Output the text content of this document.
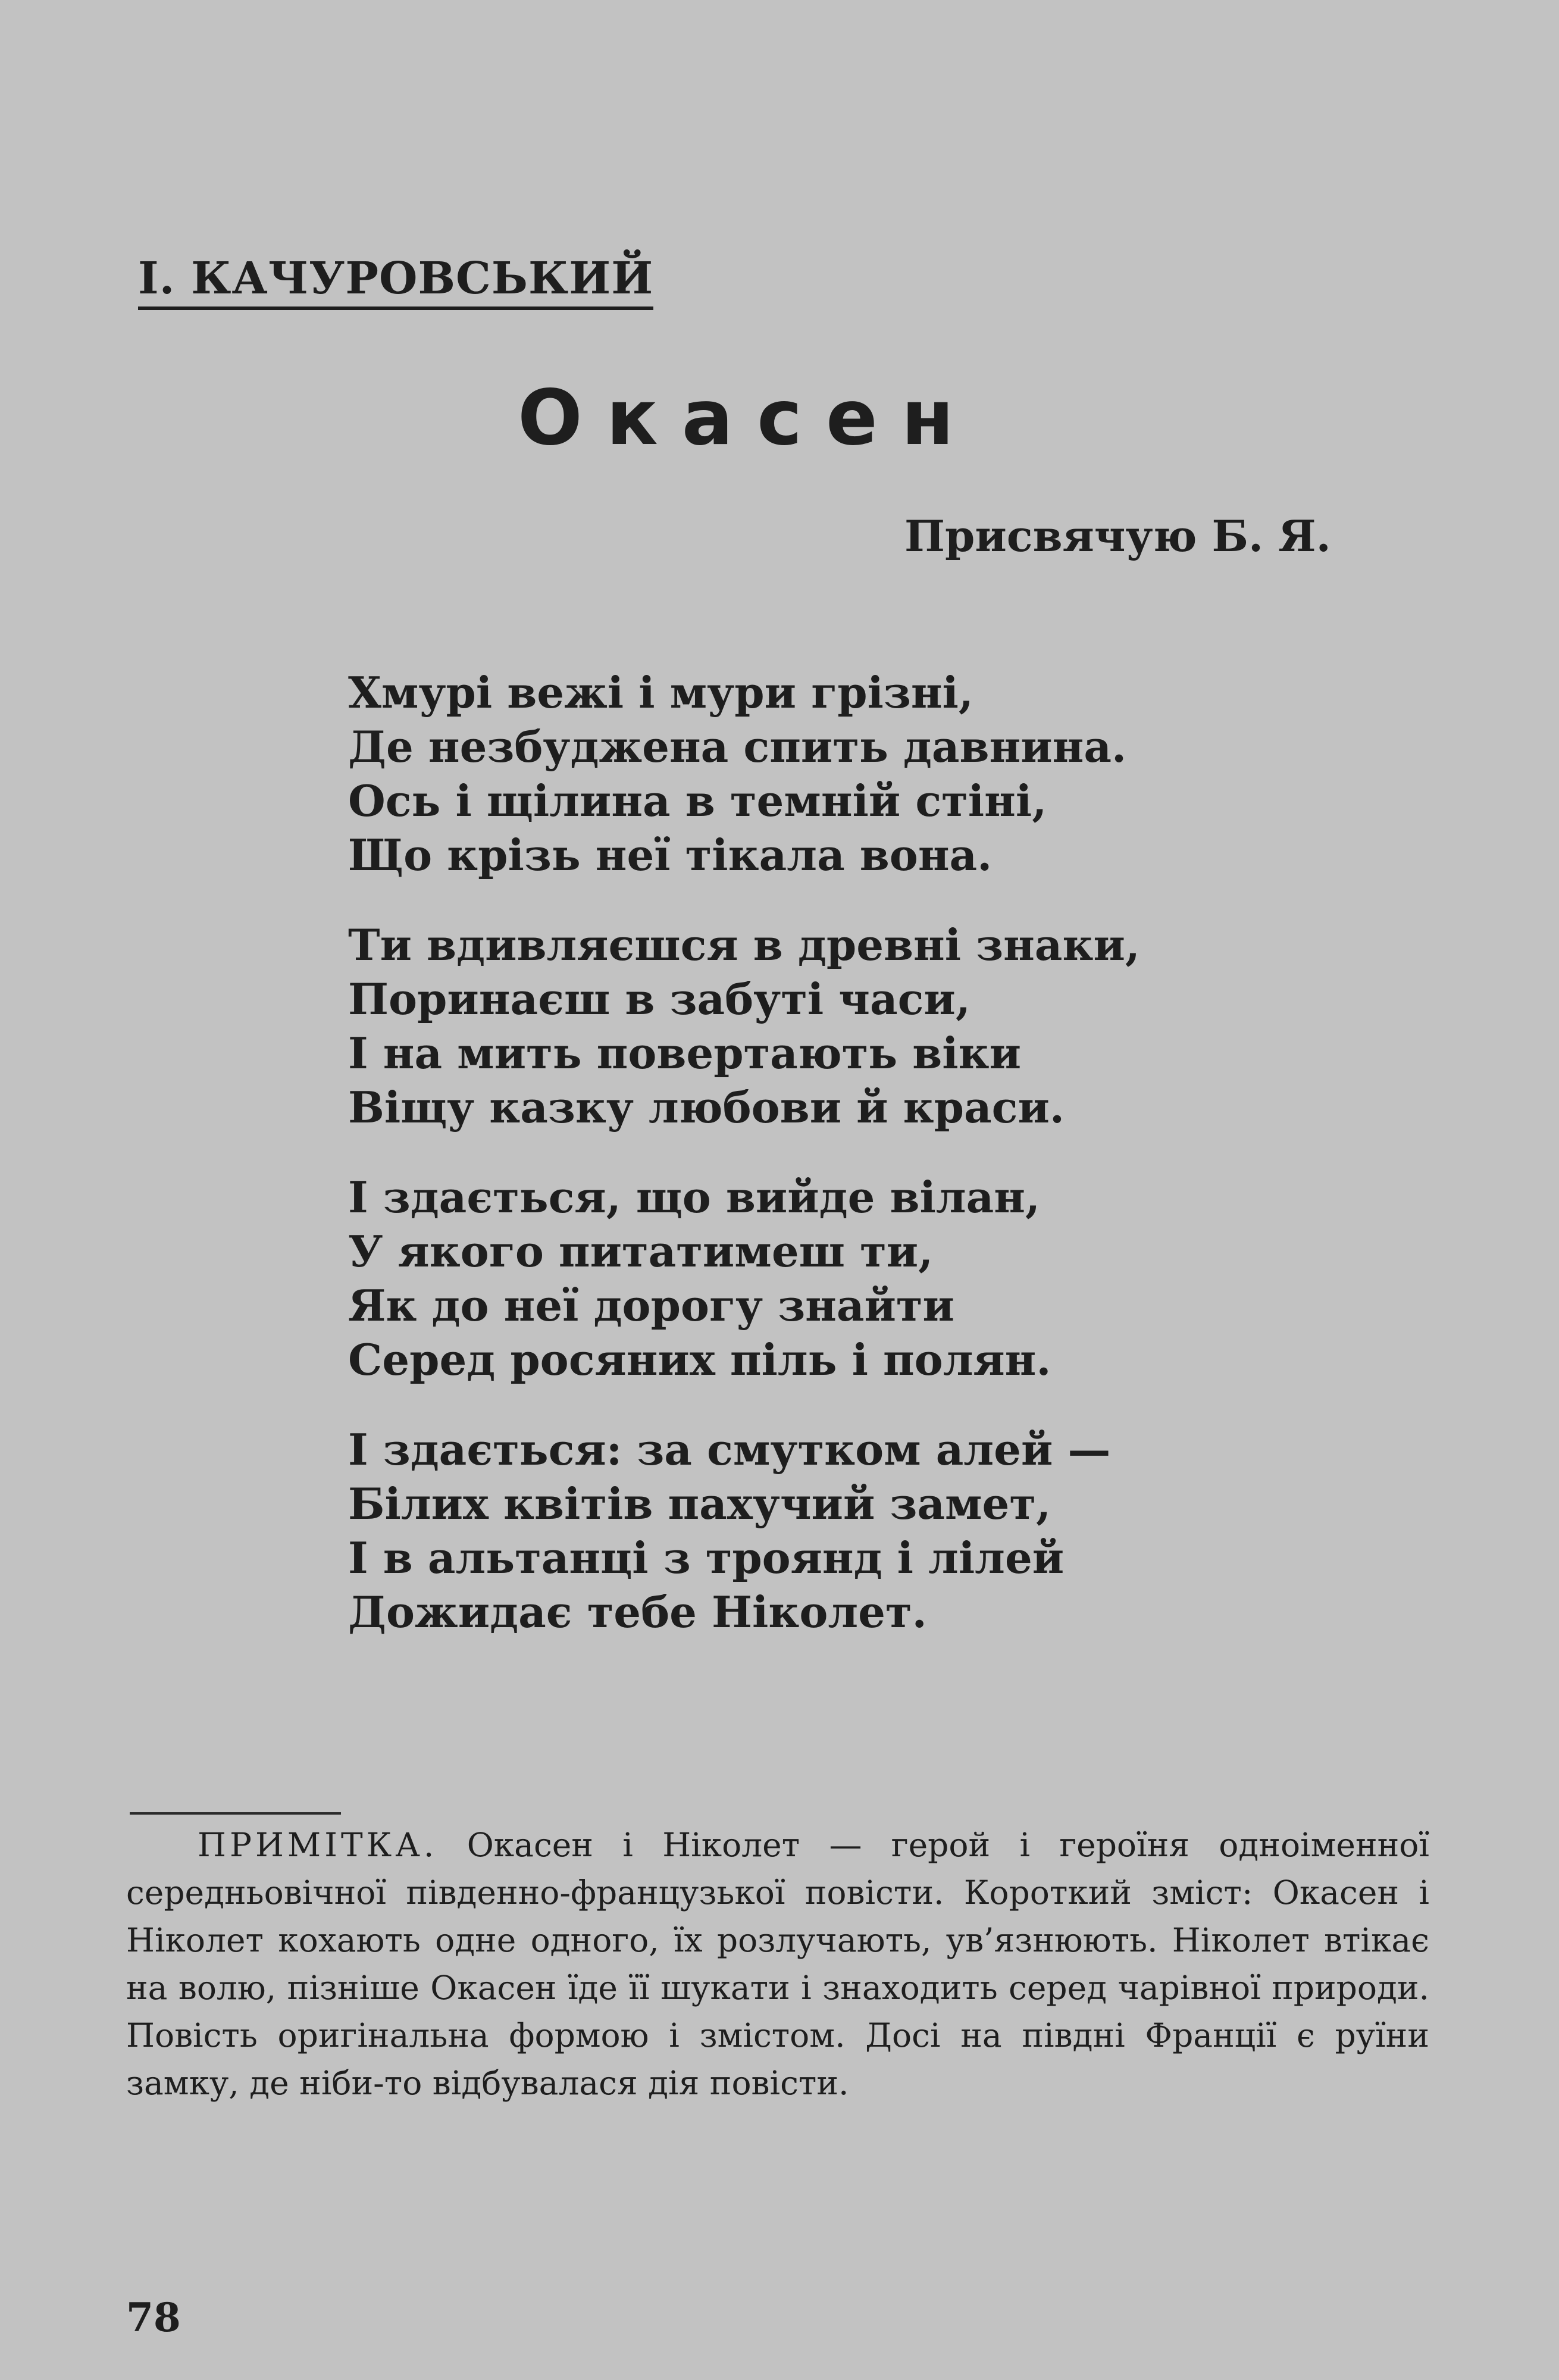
І. КАЧУРОВСЬКИЙ
Окасен
Присвячую Б. Я.
Хмурі вежі і мури грізні,
Де незбуджена спить давнина.
Ось і щілина в темній стіні,
Що крізь неї тікала вона.
Ти вдивляєшся в древні знаки,
Поринаєш в забуті часи,
І на мить повертають віки
Віщу казку любови й краси.
І здається, що вийде вілан,
У якого питатимеш ти,
Як до неї дорогу знайти
Серед росяних піль і полян.
І здається: за смутком алей —
Білих квітів пахучий замет,
І в альтанці з троянд і лілей
Дожидає тебе Ніколет.
ПРИМІТКА. Окасен і Ніколет — герой і героїня одноіменної середньовічної південно-французької повісти. Короткий зміст: Окасен і Ніколет кохають одне одного, їх розлучають, ув’язнюють. Ніколет втікає на волю, пізніше Окасен їде її шукати і знаходить серед чарівної природи. Повість оригінальна формою і змістом. Досі на півдні Франції є руїни замку, де ніби-то відбувалася дія повісти.
78
